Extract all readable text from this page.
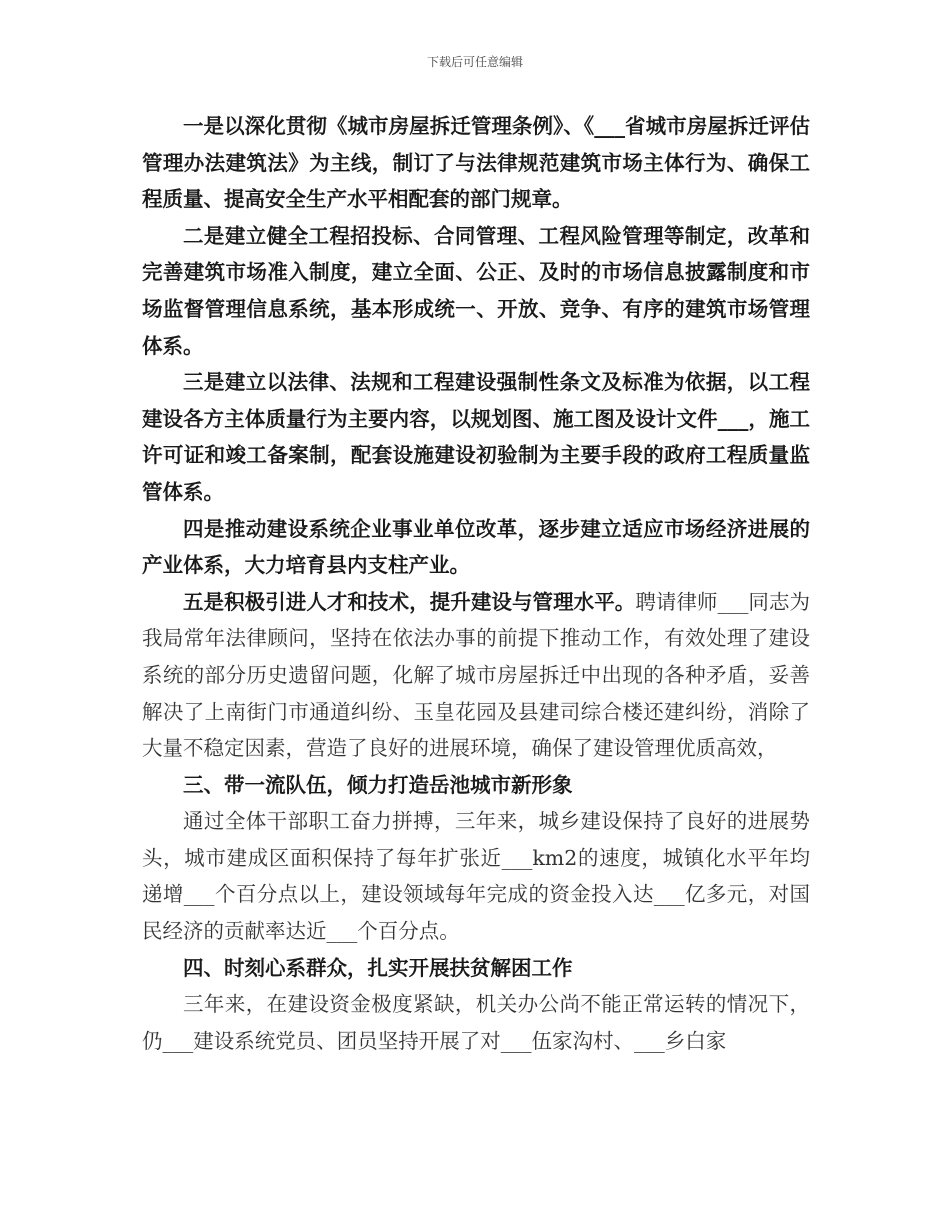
下载后可任意编辑

一是以深化贯彻《城市房屋拆迁管理条例》、《___省城市房屋拆迁评估管理办法建筑法》为主线，制订了与法律规范建筑市场主体行为、确保工程质量、提高安全生产水平相配套的部门规章。

二是建立健全工程招投标、合同管理、工程风险管理等制定，改革和完善建筑市场准入制度，建立全面、公正、及时的市场信息披露制度和市场监督管理信息系统，基本形成统一、开放、竞争、有序的建筑市场管理体系。

三是建立以法律、法规和工程建设强制性条文及标准为依据，以工程建设各方主体质量行为主要内容，以规划图、施工图及设计文件___，施工许可证和竣工备案制，配套设施建设初验制为主要手段的政府工程质量监管体系。

四是推动建设系统企业事业单位改革，逐步建立适应市场经济进展的产业体系，大力培育县内支柱产业。

五是积极引进人才和技术，提升建设与管理水平。聘请律师___同志为我局常年法律顾问，坚持在依法办事的前提下推动工作，有效处理了建设系统的部分历史遗留问题，化解了城市房屋拆迁中出现的各种矛盾，妥善解决了上南街门市通道纠纷、玉皇花园及县建司综合楼还建纠纷，消除了大量不稳定因素，营造了良好的进展环境，确保了建设管理优质高效，

三、带一流队伍，倾力打造岳池城市新形象

通过全体干部职工奋力拼搏，三年来，城乡建设保持了良好的进展势头，城市建成区面积保持了每年扩张近___km2的速度，城镇化水平年均递增___个百分点以上，建设领域每年完成的资金投入达___亿多元，对国民经济的贡献率达近___个百分点。

四、时刻心系群众，扎实开展扶贫解困工作

三年来，在建设资金极度紧缺，机关办公尚不能正常运转的情况下，仍___建设系统党员、团员坚持开展了对___伍家沟村、___乡白家
